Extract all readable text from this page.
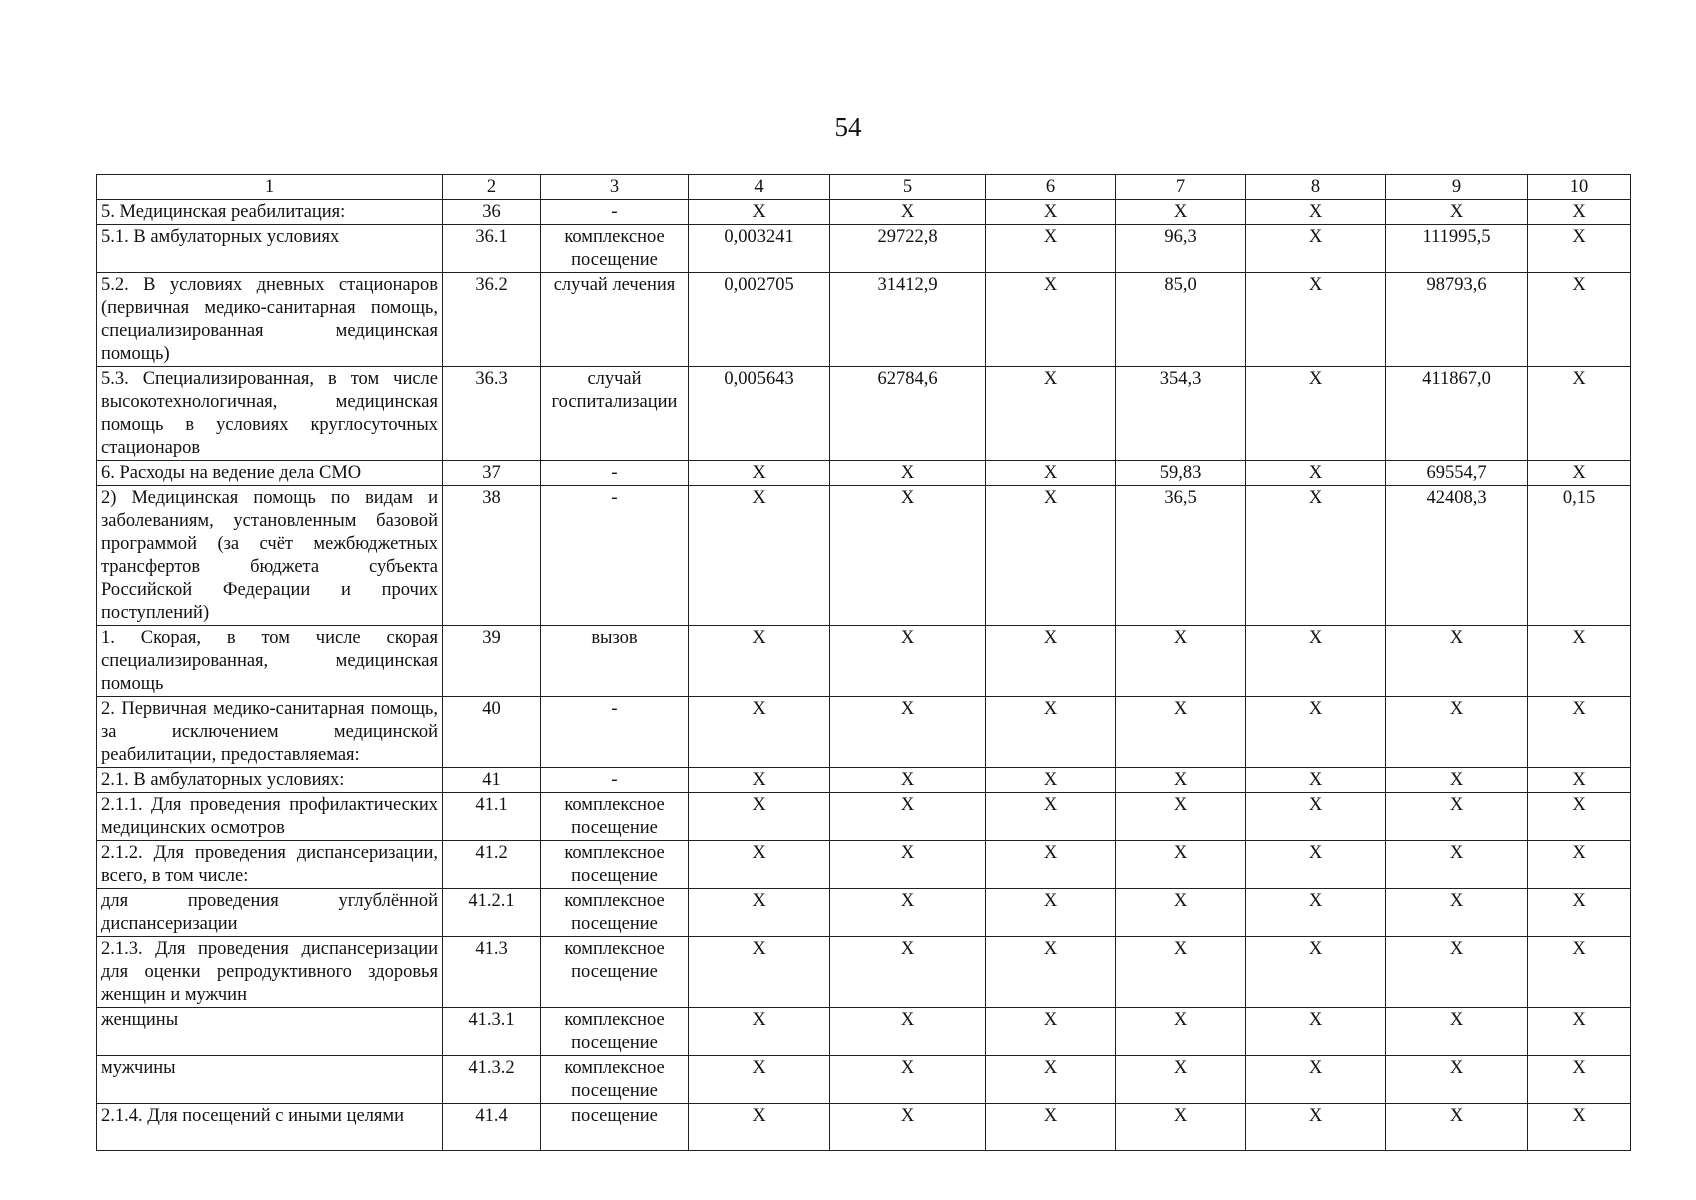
54
1	2	3	4	5	6	7	8	9	10
5. Медицинская реабилитация:	36	-	X	X	X	X	X	X	X
5.1. В амбулаторных условиях	36.1	комплексное посещение	0,003241	29722,8	X	96,3	X	111995,5	X
5.2. В условиях дневных стационаров (первичная медико-санитарная помощь, специализированная медицинская помощь)	36.2	случай лечения	0,002705	31412,9	X	85,0	X	98793,6	X
5.3. Специализированная, в том числе высокотехнологичная, медицинская помощь в условиях круглосуточных стационаров	36.3	случай госпитализации	0,005643	62784,6	X	354,3	X	411867,0	X
6. Расходы на ведение дела СМО	37	-	X	X	X	59,83	X	69554,7	X
2) Медицинская помощь по видам и заболеваниям, установленным базовой программой (за счёт межбюджетных трансфертов бюджета субъекта Российской Федерации и прочих поступлений)	38	-	X	X	X	36,5	X	42408,3	0,15
1. Скорая, в том числе скорая специализированная, медицинская помощь	39	вызов	X	X	X	X	X	X	X
2. Первичная медико-санитарная помощь, за исключением медицинской реабилитации, предоставляемая:	40	-	X	X	X	X	X	X	X
2.1. В амбулаторных условиях:	41	-	X	X	X	X	X	X	X
2.1.1. Для проведения профилактических медицинских осмотров	41.1	комплексное посещение	X	X	X	X	X	X	X
2.1.2. Для проведения диспансеризации, всего, в том числе:	41.2	комплексное посещение	X	X	X	X	X	X	X
для проведения углублённой диспансеризации	41.2.1	комплексное посещение	X	X	X	X	X	X	X
2.1.3. Для проведения диспансеризации для оценки репродуктивного здоровья женщин и мужчин	41.3	комплексное посещение	X	X	X	X	X	X	X
женщины	41.3.1	комплексное посещение	X	X	X	X	X	X	X
мужчины	41.3.2	комплексное посещение	X	X	X	X	X	X	X
2.1.4. Для посещений с иными целями	41.4	посещение	X	X	X	X	X	X	X
